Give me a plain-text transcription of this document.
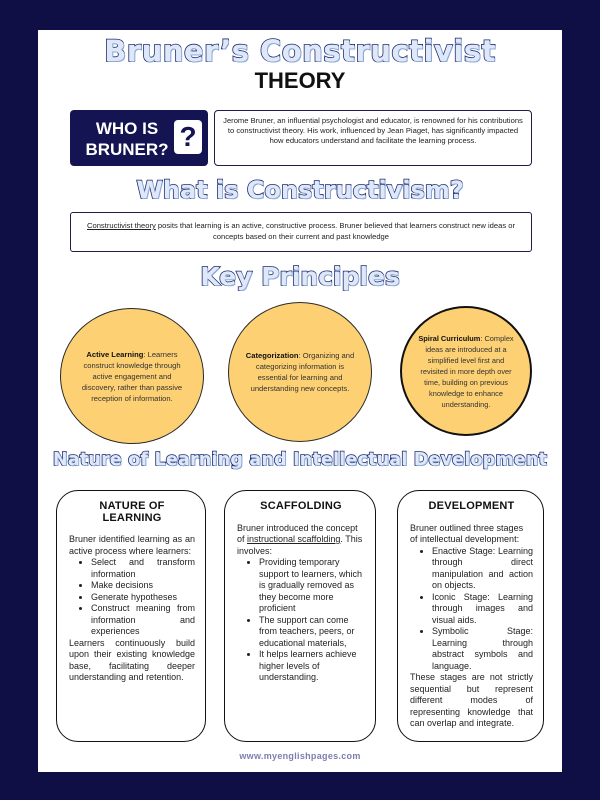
Bruner’s Constructivist
THEORY
WHO IS
BRUNER? ?
Jerome Bruner, an influential psychologist and educator, is renowned for his contributions to constructivist theory. His work, influenced by Jean Piaget, has significantly impacted how educators understand and facilitate the learning process.
What is Constructivism?
Constructivist theory posits that learning is an active, constructive process. Bruner believed that learners construct new ideas or concepts based on their current and past knowledge
Key Principles
Active Learning: Learners construct knowledge through active engagement and discovery, rather than passive reception of information.
Categorization: Organizing and categorizing information is essential for learning and understanding new concepts.
Spiral Curriculum: Complex ideas are introduced at a simplified level first and revisited in more depth over time, building on previous knowledge to enhance understanding.
Nature of Learning and Intellectual Development
NATURE OF LEARNING

Bruner identified learning as an active process where learners:

• Select and transform information
• Make decisions
• Generate hypotheses
• Construct meaning from information and experiences

Learners continuously build upon their existing knowledge base, facilitating deeper understanding and retention.

SCAFFOLDING

Bruner introduced the concept of instructional scaffolding. This involves:

• Providing temporary support to learners, which is gradually removed as they become more proficient
• The support can come from teachers, peers, or educational materials,
• It helps learners achieve higher levels of understanding.
DEVELOPMENT

Bruner outlined three stages of intellectual development:

• Enactive Stage: Learning through direct manipulation and action on objects.
• Iconic Stage: Learning through images and visual aids.
• Symbolic Stage: Learning through abstract symbols and language.

These stages are not strictly sequential but represent different modes of representing knowledge that can overlap and integrate.

www.myenglishpages.com
